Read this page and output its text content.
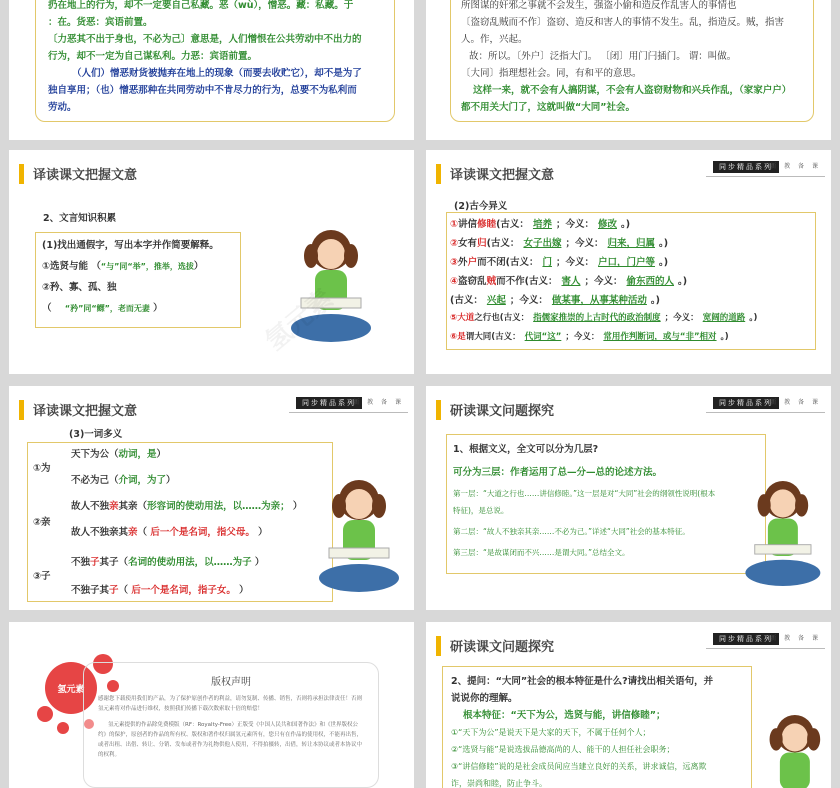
扔在地上的行为，却不一定要自己私藏。恶（wù），憎恶。藏：私藏。于
：在。货恶：宾语前置。
〔力恶其不出于身也，不必为己〕意思是，人们憎恨在公共劳动中不出力的
行为，却不一定为自己谋私利。力恶：宾语前置。
（人们）憎恶财货被抛弃在地上的现象（而要去收贮它），却不是为了
独自享用；（也）憎恶那种在共同劳动中不肯尽力的行为，总要不为私利而
劳动。
所图谋的奸邪之事就不会发生，强盗小偷和造反作乱害人的事情也
〔盗窃乱贼而不作〕盗窃、造反和害人的事情不发生。乱，指造反。贼，指害
人。作，兴起。
故：所以。〔外户〕泛指大门。 〔闭〕用门闩插门。 谓：叫做。
〔大同〕指理想社会。同，有和平的意思。
这样一来，就不会有人搞阴谋，不会有人盗窃财物和兴兵作乱，（家家户户）
都不用关大门了，这就叫做“大同”社会。
译读课文把握文意
2、文言知识积累
(1)找出通假字，写出本字并作简要解释。
①选贤与能 （“与”同“举”，推举，选拔）
②矜、寡、孤、独
（ “矜”同“鳏”，老而无妻 ）	氢元素
译读课文把握文意
同步精品系列
新 教 备 课
(2)古今异义
①讲信修睦(古义： 培养 ；今义： 修改 。)
②女有归(古义： 女子出嫁 ；今义： 归来，归属 。)
③外户而不闭(古义： 门 ；今义： 户口，门户等 。)
④盗窃乱贼而不作(古义： 害人 ；今义： 偷东西的人 。)
(古义： 兴起 ；今义： 做某事，从事某种活动 。)
⑤大道之行也(古义： 指儒家推崇的上古时代的政治制度 ；今义： 宽阔的道路 。)
⑥是谓大同(古义： 代词“这” ；今义： 常用作判断词，或与“非”相对 。)
译读课文把握文意
同步精品系列
新 教 备 课
(3)一词多义
①为
天下为公（动词，是）
不必为己（介词，为了）
②亲
故人不独亲其亲（形容词的使动用法，以……为亲； ）
故人不独亲其亲（ 后一个是名词，指父母。 ）
③子
不独子其子（名词的使动用法，以……为子 ）
不独子其子（ 后一个是名词，指子女。 ）
研读课文问题探究
同步精品系列
新 教 备 课
1、根据文义，全文可以分为几层?
可分为三层：作者运用了总—分—总的论述方法。
第一层：“大道之行也……讲信修睦。”这一层是对“大同”社会的纲领性说明(根本
特征)，是总说。
第二层：“故人不独亲其亲……不必为己。”详述“大同”社会的基本特征。
第三层：“是故谋闭而不兴……是谓大同。”总结全文。
氢元素
版权声明
感谢您下载使用我们的产品，为了保护原创作者的利益，请勿复制、传播、销售，否则将承担法律责任！否则氢元素将对作品进行维权，按照我们传播下载次数索取十倍的赔偿！
氢元素提供的作品除免费模版（RF：Royalty-Free）正版受《中国人民共和国著作法》和《世界版权公约》的保护，原创者的作品的所有权、版权和著作权归属氢元素所有，您只有在作品的使用权，不能再出售，或者出租、出借、转让、分销、发布或者作为礼物供他人使用，不得拍摄转，出借，转让本协议或者本协议中的权利。
研读课文问题探究
同步精品系列
新 教 备 课
2、提问：“大同”社会的根本特征是什么?请找出相关语句，并
说说你的理解。
根本特征：“天下为公，选贤与能，讲信修睦”；
①“天下为公”是说天下是大家的天下，不属于任何个人；
②“选贤与能”是说选拔品德高尚的人、能干的人担任社会职务；
③“讲信修睦”说的是社会成员间应当建立良好的关系，讲求诚信，远离欺
诈，崇尚和睦，防止争斗。
